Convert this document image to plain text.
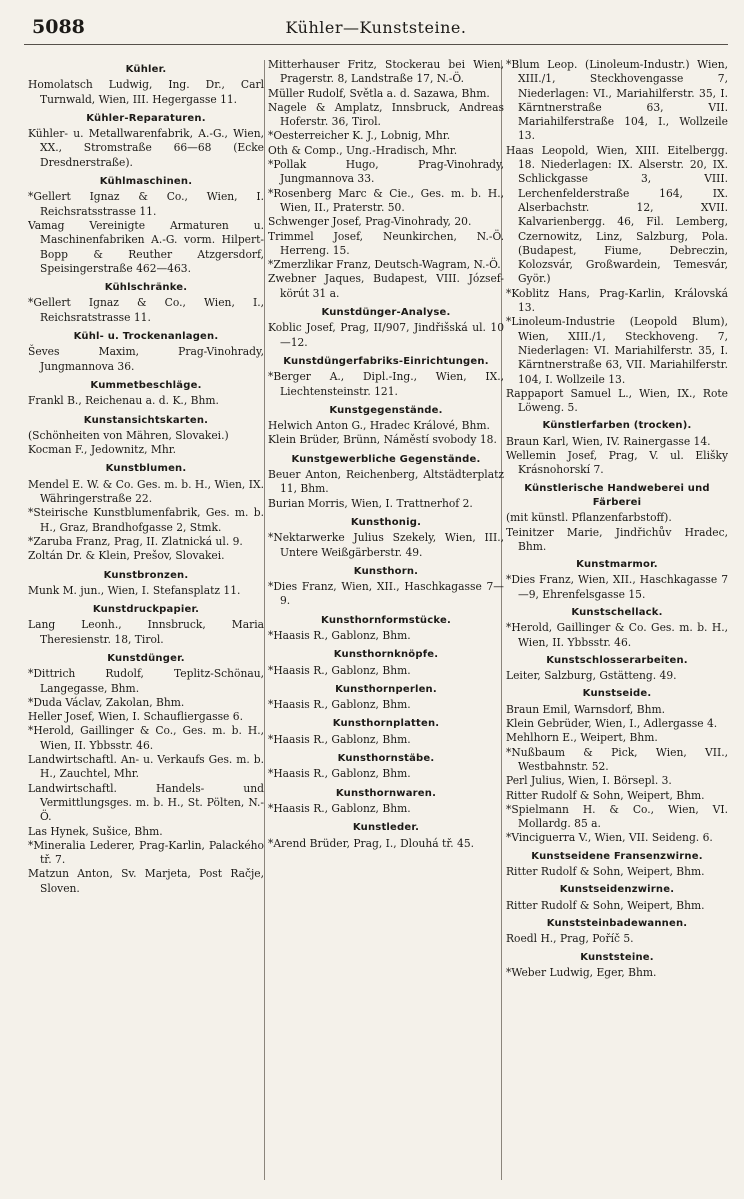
5088	Kühler—Kunststeine.
Kühler.
Homolatsch Ludwig, Ing. Dr., Carl Turnwald, Wien, III. Hegergasse 11.
Kühler-Reparaturen.
Kühler- u. Metallwarenfabrik, A.-G., Wien, XX., Stromstraße 66—68 (Ecke Dresdnerstraße).
Kühlmaschinen.
*Gellert Ignaz & Co., Wien, I. Reichsratsstrasse 11.
Vamag Vereinigte Armaturen u. Maschinenfabriken A.-G. vorm. Hilpert-Bopp & Reuther Atzgersdorf, Speisingerstraße 462—463.
Kühlschränke.
*Gellert Ignaz & Co., Wien, I., Reichsratstrasse 11.
Kühl- u. Trockenanlagen.
Ševes Maxim, Prag-Vinohrady, Jungmannova 36.
Kummetbeschläge.
Frankl B., Reichenau a. d. K., Bhm.
Kunstansichtskarten.
(Schönheiten von Mähren, Slovakei.)
Kocman F., Jedownitz, Mhr.
Kunstblumen.
Mendel E. W. & Co. Ges. m. b. H., Wien, IX. Währingerstraße 22.
*Steirische Kunstblumenfabrik, Ges. m. b. H., Graz, Brandhofgasse 2, Stmk.
*Zaruba Franz, Prag, II. Zlatnická ul. 9.
Zoltán Dr. & Klein, Prešov, Slovakei.
Kunstbronzen.
Munk M. jun., Wien, I. Stefansplatz 11.
Kunstdruckpapier.
Lang Leonh., Innsbruck, Maria Theresienstr. 18, Tirol.
Kunstdünger.
*Dittrich Rudolf, Teplitz-Schönau, Langegasse, Bhm.
*Duda Václav, Zakolan, Bhm.
Heller Josef, Wien, I. Schaufliergasse 6.
*Herold, Gaillinger & Co., Ges. m. b. H., Wien, II. Ybbsstr. 46.
Landwirtschaftl. An- u. Verkaufs Ges. m. b. H., Zauchtel, Mhr.
Landwirtschaftl. Handels- und Vermittlungsges. m. b. H., St. Pölten, N.-Ö.
Las Hynek, Sušice, Bhm.
*Mineralia Lederer, Prag-Karlin, Palackého tř. 7.
Matzun Anton, Sv. Marjeta, Post Račje, Sloven.
Mitterhauser Fritz, Stockerau bei Wien, Pragerstr. 8, Landstraße 17, N.-Ö.
Müller Rudolf, Světla a. d. Sazawa, Bhm.
Nagele & Amplatz, Innsbruck, Andreas Hoferstr. 36, Tirol.
*Oesterreicher K. J., Lobnig, Mhr.
Oth & Comp., Ung.-Hradisch, Mhr.
*Pollak Hugo, Prag-Vinohrady, Jungmannova 33.
*Rosenberg Marc & Cie., Ges. m. b. H., Wien, II., Praterstr. 50.
Schwenger Josef, Prag-Vinohrady, 20.
Trimmel Josef, Neunkirchen, N.-Ö. Herreng. 15.
*Zmerzlikar Franz, Deutsch-Wagram, N.-Ö.
Zwebner Jaques, Budapest, VIII. József-körút 31 a.
Kunstdünger-Analyse.
Koblic Josef, Prag, II/907, Jindřišská ul. 10—12.
Kunstdüngerfabriks-Einrichtungen.
*Berger A., Dipl.-Ing., Wien, IX., Liechtensteinstr. 121.
Kunstgegenstände.
Helwich Anton G., Hradec Králové, Bhm.
Klein Brüder, Brünn, Náměstí svobody 18.
Kunstgewerbliche Gegenstände.
Beuer Anton, Reichenberg, Altstädterplatz 11, Bhm.
Burian Morris, Wien, I. Trattnerhof 2.
Kunsthonig.
*Nektarwerke Julius Szekely, Wien, III., Untere Weißgärberstr. 49.
Kunsthorn.
*Dies Franz, Wien, XII., Haschkagasse 7—9.
Kunsthornformstücke.
*Haasis R., Gablonz, Bhm.
Kunsthornknöpfe.
*Haasis R., Gablonz, Bhm.
Kunsthornperlen.
*Haasis R., Gablonz, Bhm.
Kunsthornplatten.
*Haasis R., Gablonz, Bhm.
Kunsthornstäbe.
*Haasis R., Gablonz, Bhm.
Kunsthornwaren.
*Haasis R., Gablonz, Bhm.
Kunstleder.
*Arend Brüder, Prag, I., Dlouhá tř. 45.
*Blum Leop. (Linoleum-Industr.) Wien, XIII./1, Steckhovengasse 7, Niederlagen: VI., Mariahilferstr. 35, I. Kärntnerstraße 63, VII. Mariahilferstraße 104, I., Wollzeile 13.
Haas Leopold, Wien, XIII. Eitelbergg. 18. Niederlagen: IX. Alserstr. 20, IX. Schlickgasse 3, VIII. Lerchenfelderstraße 164, IX. Alserbachstr. 12, XVII. Kalvarienbergg. 46, Fil. Lemberg, Czernowitz, Linz, Salzburg, Pola. (Budapest, Fiume, Debreczin, Kolozsvár, Großwardein, Temesvár, Györ.)
*Koblitz Hans, Prag-Karlin, Královská 13.
*Linoleum-Industrie (Leopold Blum), Wien, XIII./1, Steckhoveng. 7, Niederlagen: VI. Mariahilferstr. 35, I. Kärntnerstraße 63, VII. Mariahilferstr. 104, I. Wollzeile 13.
Rappaport Samuel L., Wien, IX., Rote Löweng. 5.
Künstlerfarben (trocken).
Braun Karl, Wien, IV. Rainergasse 14.
Wellemin Josef, Prag, V. ul. Elišky Krásnohorskí 7.
Künstlerische Handweberei und Färberei
(mit künstl. Pflanzenfarbstoff).
Teinitzer Marie, Jindřichův Hradec, Bhm.
Kunstmarmor.
*Dies Franz, Wien, XII., Haschkagasse 7—9, Ehrenfelsgasse 15.
Kunstschellack.
*Herold, Gaillinger & Co. Ges. m. b. H., Wien, II. Ybbsstr. 46.
Kunstschlosserarbeiten.
Leiter, Salzburg, Gstätteng. 49.
Kunstseide.
Braun Emil, Warnsdorf, Bhm.
Klein Gebrüder, Wien, I., Adlergasse 4.
Mehlhorn E., Weipert, Bhm.
*Nußbaum & Pick, Wien, VII., Westbahnstr. 52.
Perl Julius, Wien, I. Börsepl. 3.
Ritter Rudolf & Sohn, Weipert, Bhm.
*Spielmann H. & Co., Wien, VI. Mollardg. 85 a.
*Vinciguerra V., Wien, VII. Seideng. 6.
Kunstseidene Fransenzwirne.
Ritter Rudolf & Sohn, Weipert, Bhm.
Kunstseidenzwirne.
Ritter Rudolf & Sohn, Weipert, Bhm.
Kunststeinbadewannen.
Roedl H., Prag, Poříč 5.
Kunststeine.
*Weber Ludwig, Eger, Bhm.
